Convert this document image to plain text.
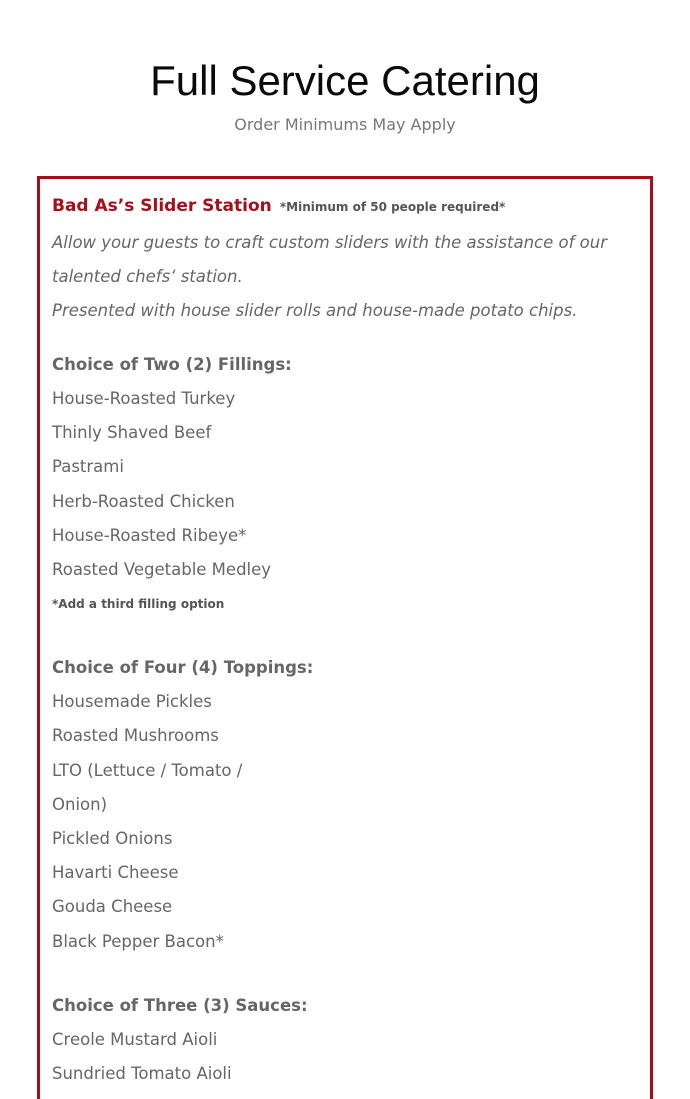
Full Service Catering
Order Minimums May Apply
Bad As’s Slider Station *Minimum of 50 people required*

Allow your guests to craft custom sliders with the assistance of our talented chefs‘ station.

Presented with house slider rolls and house-made potato chips.

Choice of Two (2) Fillings:

House-Roasted Turkey
Thinly Shaved Beef
Pastrami
Herb-Roasted Chicken
House-Roasted Ribeye*
Roasted Vegetable Medley
*Add a third filling option

Choice of Four (4) Toppings:

Housemade Pickles
Roasted Mushrooms
LTO (Lettuce / Tomato / Onion)
Pickled Onions
Havarti Cheese
Gouda Cheese
Black Pepper Bacon*

Choice of Three (3) Sauces:

Creole Mustard Aioli
Sundried Tomato Aioli
